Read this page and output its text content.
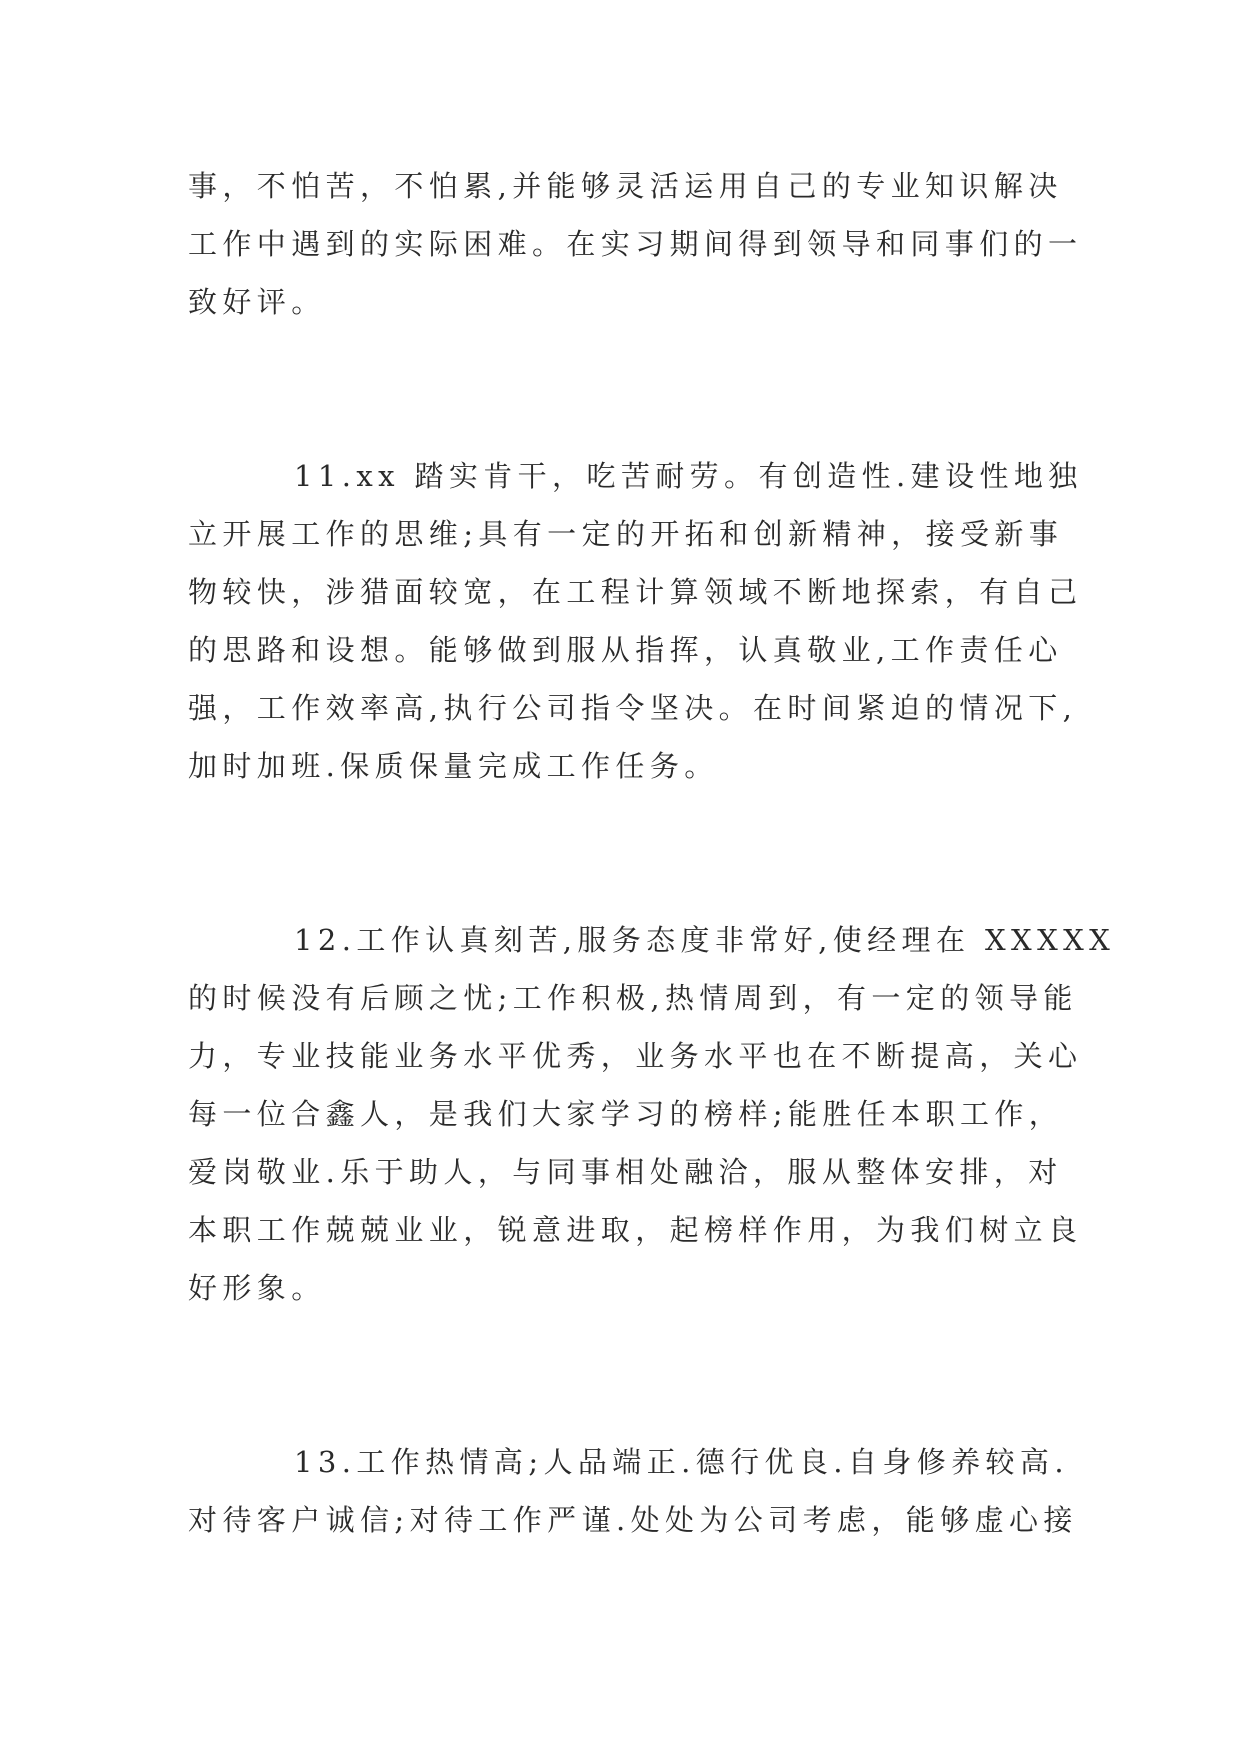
事，不怕苦，不怕累,并能够灵活运用自己的专业知识解决
工作中遇到的实际困难。在实习期间得到领导和同事们的一
致好评。
11.xx 踏实肯干，吃苦耐劳。有创造性.建设性地独
立开展工作的思维;具有一定的开拓和创新精神，接受新事
物较快，涉猎面较宽，在工程计算领域不断地探索，有自己
的思路和设想。能够做到服从指挥，认真敬业,工作责任心
强，工作效率高,执行公司指令坚决。在时间紧迫的情况下,
加时加班.保质保量完成工作任务。
12.工作认真刻苦,服务态度非常好,使经理在 XXXXX
的时候没有后顾之忧;工作积极,热情周到，有一定的领导能
力，专业技能业务水平优秀，业务水平也在不断提高，关心
每一位合鑫人，是我们大家学习的榜样;能胜任本职工作，
爱岗敬业.乐于助人，与同事相处融洽，服从整体安排，对
本职工作兢兢业业，锐意进取，起榜样作用，为我们树立良
好形象。
13.工作热情高;人品端正.德行优良.自身修养较高.
对待客户诚信;对待工作严谨.处处为公司考虑，能够虚心接
